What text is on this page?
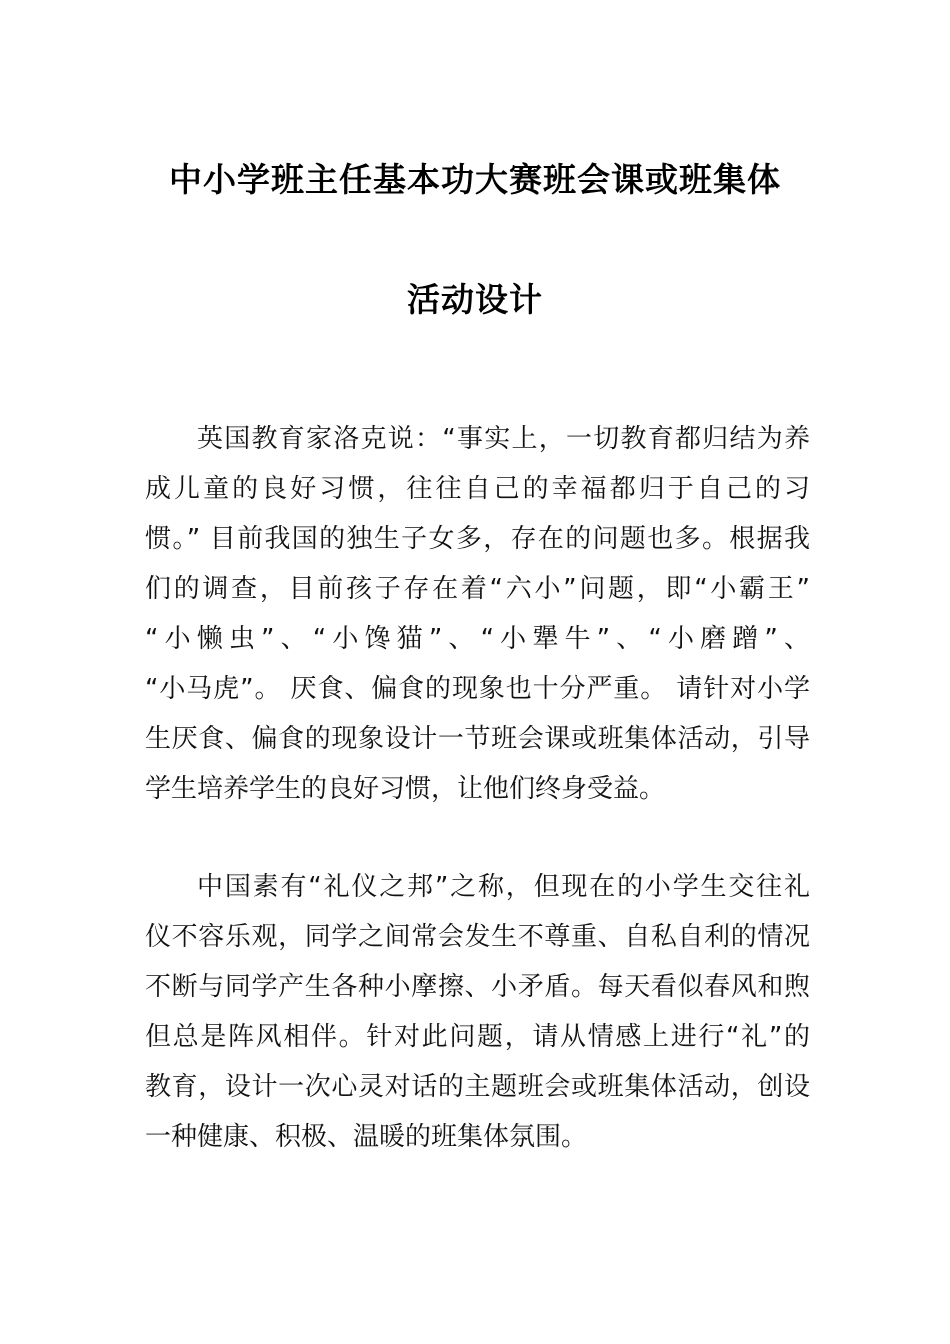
中小学班主任基本功大赛班会课或班集体
活动设计

英国教育家洛克说：“事实上，一切教育都归结为养
成儿童的良好习惯，往往自己的幸福都归于自己的习
惯。” 目前我国的独生子女多，存在的问题也多。根据我
们的调查，目前孩子存在着“六小”问题，即“小霸王”
“小懒虫”、“小馋猫”、“小犟牛”、“小磨蹭”、
“小马虎”。 厌食、偏食的现象也十分严重。 请针对小学
生厌食、偏食的现象设计一节班会课或班集体活动，引导
学生培养学生的良好习惯，让他们终身受益。

中国素有“礼仪之邦”之称，但现在的小学生交往礼
仪不容乐观，同学之间常会发生不尊重、自私自利的情况
不断与同学产生各种小摩擦、小矛盾。每天看似春风和煦
但总是阵风相伴。针对此问题，请从情感上进行“礼”的
教育，设计一次心灵对话的主题班会或班集体活动，创设
一种健康、积极、温暖的班集体氛围。
